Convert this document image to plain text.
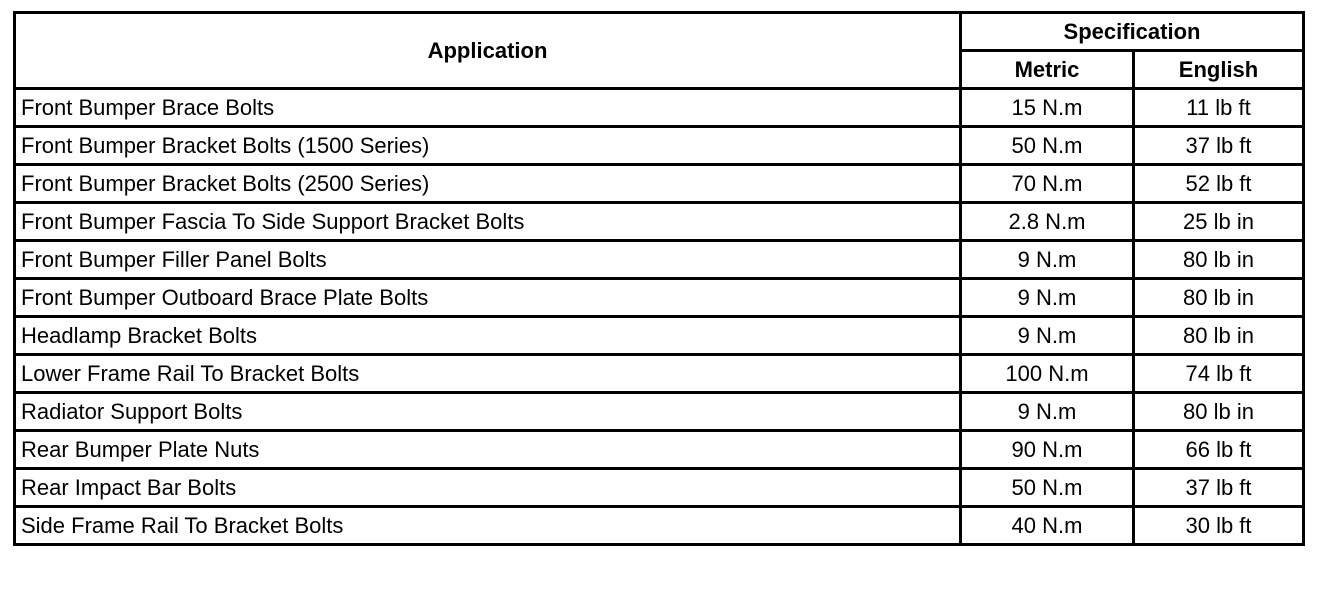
Application	Specification	
	Metric	English
Front Bumper Brace Bolts	15 N.m	11 lb ft
Front Bumper Bracket Bolts (1500 Series)	50 N.m	37 lb ft
Front Bumper Bracket Bolts (2500 Series)	70 N.m	52 lb ft
Front Bumper Fascia To Side Support Bracket Bolts	2.8 N.m	25 lb in
Front Bumper Filler Panel Bolts	9 N.m	80 lb in
Front Bumper Outboard Brace Plate Bolts	9 N.m	80 lb in
Headlamp Bracket Bolts	9 N.m	80 lb in
Lower Frame Rail To Bracket Bolts	100 N.m	74 lb ft
Radiator Support Bolts	9 N.m	80 lb in
Rear Bumper Plate Nuts	90 N.m	66 lb ft
Rear Impact Bar Bolts	50 N.m	37 lb ft
Side Frame Rail To Bracket Bolts	40 N.m	30 lb ft
